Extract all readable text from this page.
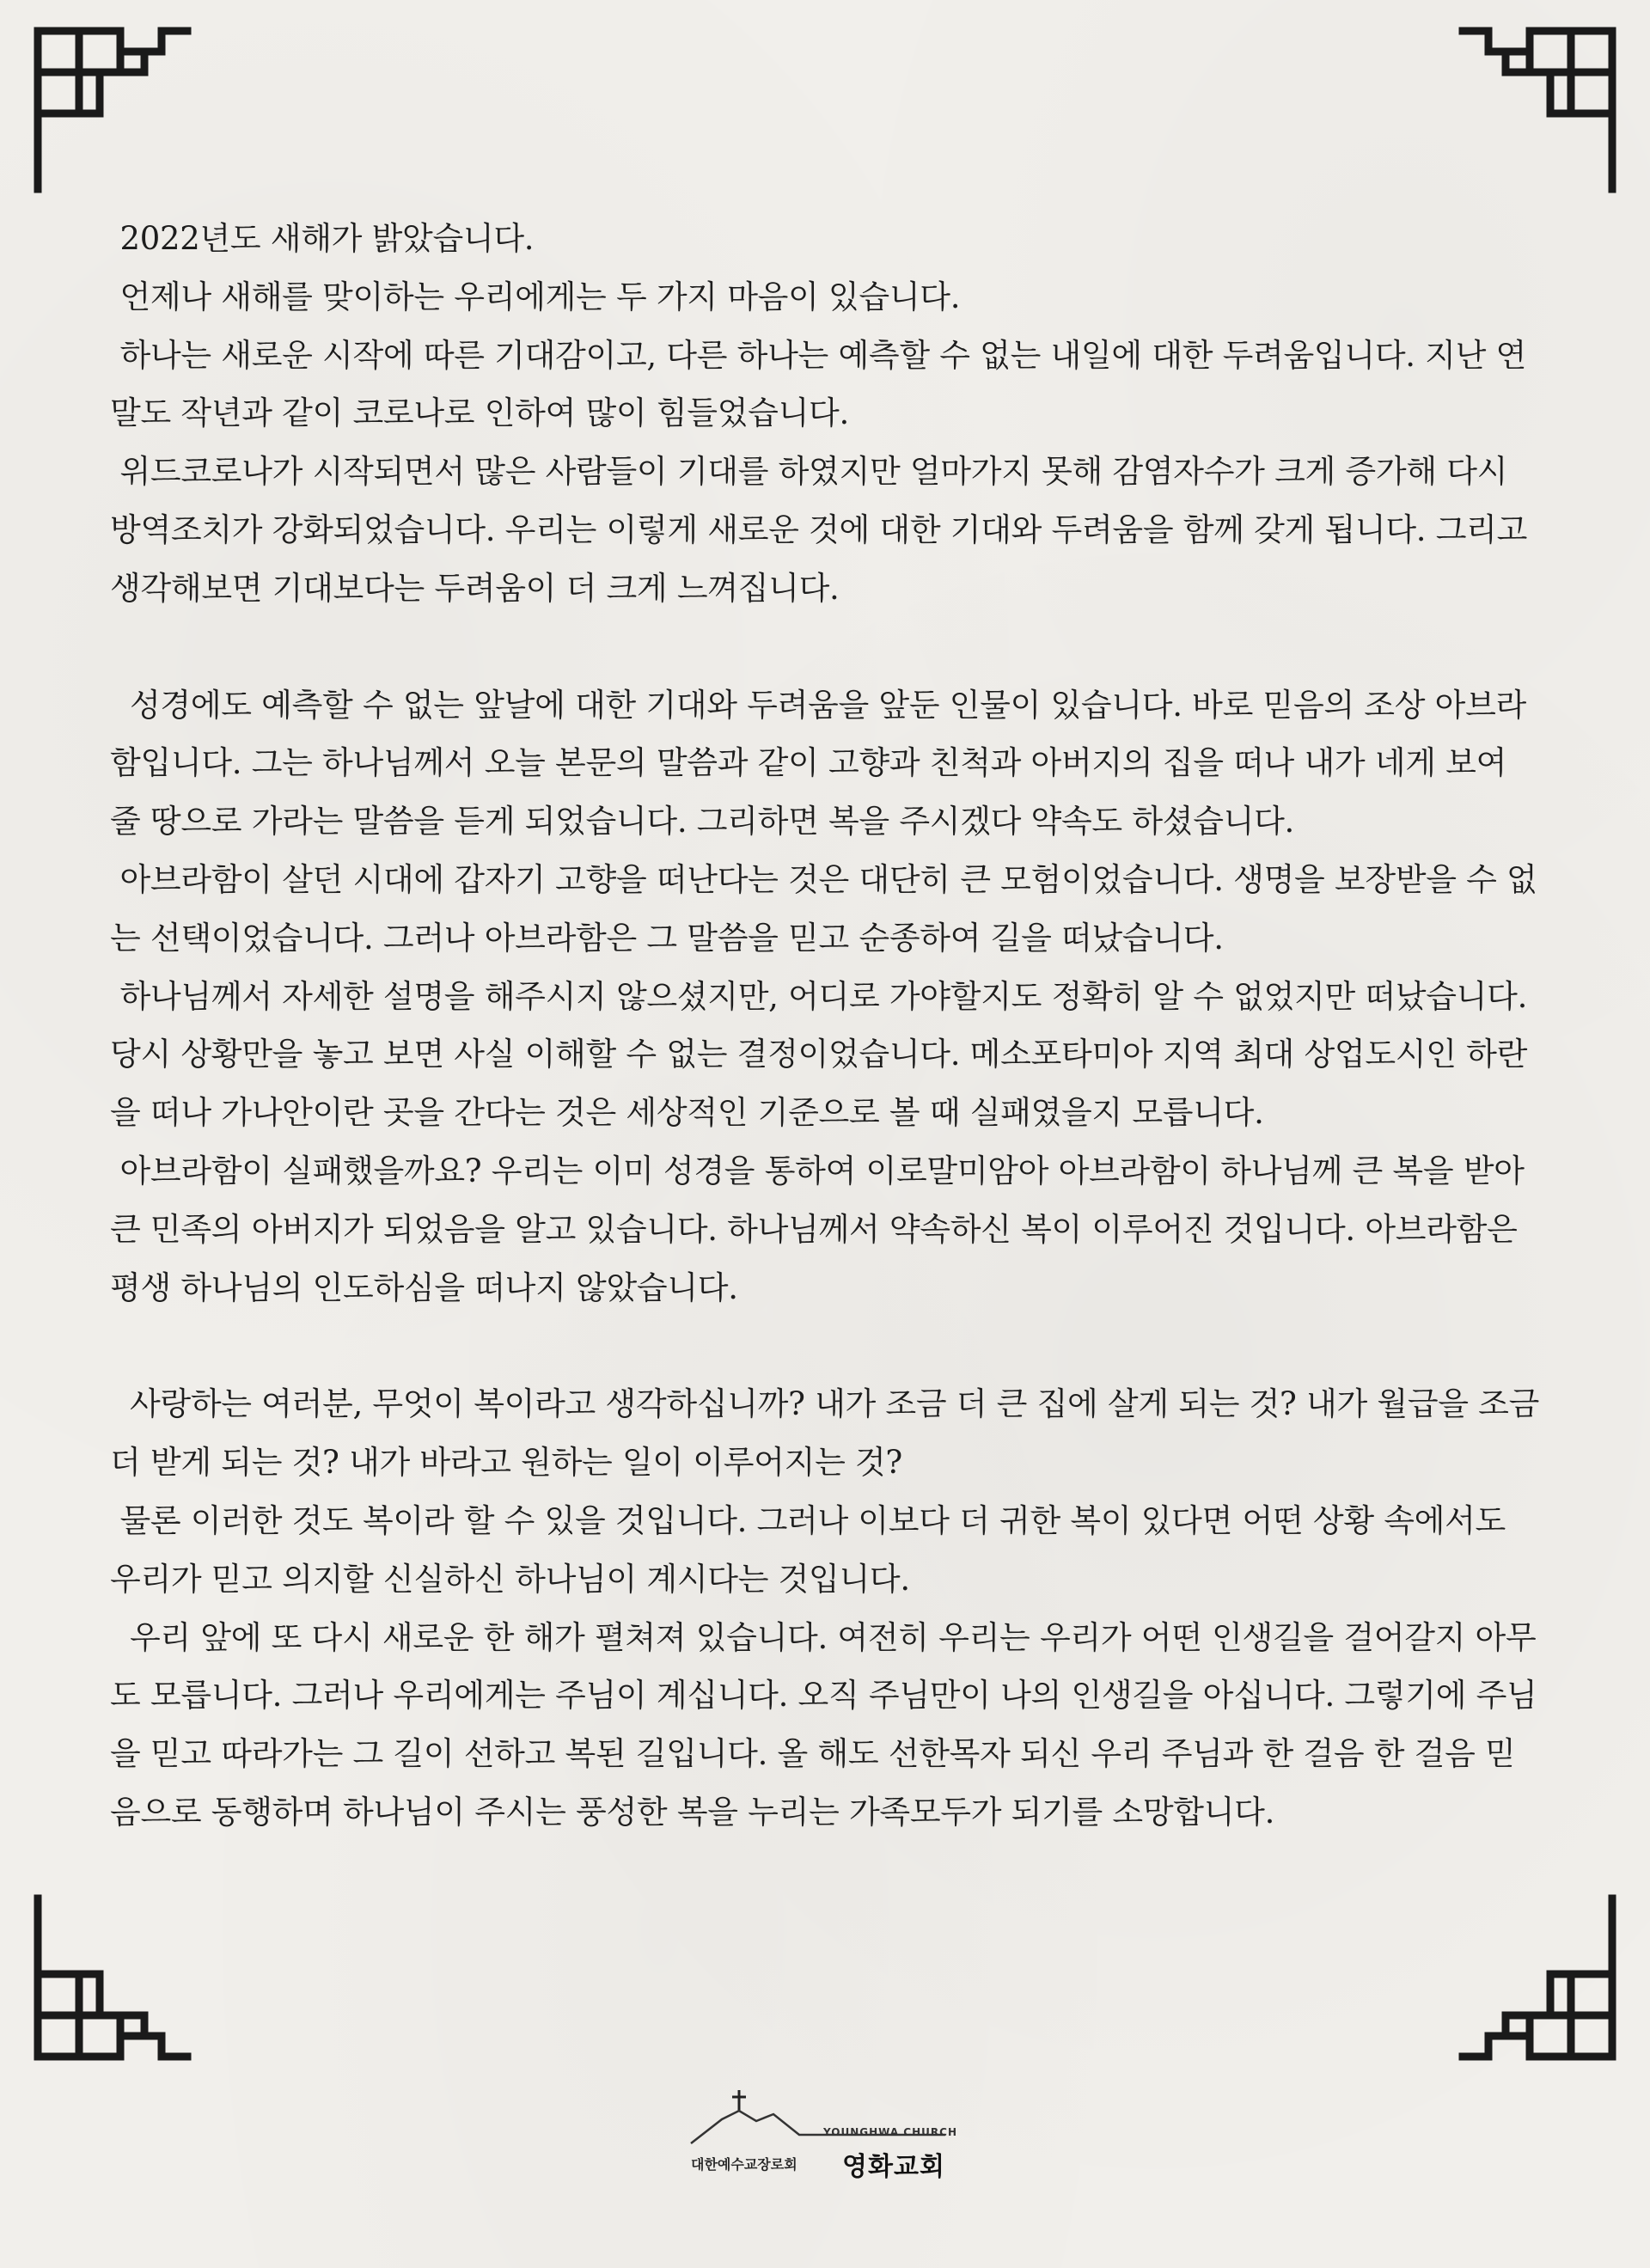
2022년도 새해가 밝았습니다.

언제나 새해를 맞이하는 우리에게는 두 가지 마음이 있습니다.

하나는 새로운 시작에 따른 기대감이고, 다른 하나는 예측할 수 없는 내일에 대한 두려움입니다. 지난 연말도 작년과 같이 코로나로 인하여 많이 힘들었습니다.

위드코로나가 시작되면서 많은 사람들이 기대를 하였지만 얼마가지 못해 감염자수가 크게 증가해 다시 방역조치가 강화되었습니다. 우리는 이렇게 새로운 것에 대한 기대와 두려움을 함께 갖게 됩니다. 그리고 생각해보면 기대보다는 두려움이 더 크게 느껴집니다.

성경에도 예측할 수 없는 앞날에 대한 기대와 두려움을 앞둔 인물이 있습니다. 바로 믿음의 조상 아브라함입니다. 그는 하나님께서 오늘 본문의 말씀과 같이 고향과 친척과 아버지의 집을 떠나 내가 네게 보여 줄 땅으로 가라는 말씀을 듣게 되었습니다. 그리하면 복을 주시겠다 약속도 하셨습니다.

아브라함이 살던 시대에 갑자기 고향을 떠난다는 것은 대단히 큰 모험이었습니다. 생명을 보장받을 수 없는 선택이었습니다. 그러나 아브라함은 그 말씀을 믿고 순종하여 길을 떠났습니다.

하나님께서 자세한 설명을 해주시지 않으셨지만, 어디로 가야할지도 정확히 알 수 없었지만 떠났습니다. 당시 상황만을 놓고 보면 사실 이해할 수 없는 결정이었습니다. 메소포타미아 지역 최대 상업도시인 하란을 떠나 가나안이란 곳을 간다는 것은 세상적인 기준으로 볼 때 실패였을지 모릅니다.

아브라함이 실패했을까요? 우리는 이미 성경을 통하여 이로말미암아 아브라함이 하나님께 큰 복을 받아 큰 민족의 아버지가 되었음을 알고 있습니다. 하나님께서 약속하신 복이 이루어진 것입니다. 아브라함은 평생 하나님의 인도하심을 떠나지 않았습니다.

사랑하는 여러분, 무엇이 복이라고 생각하십니까? 내가 조금 더 큰 집에 살게 되는 것? 내가 월급을 조금 더 받게 되는 것? 내가 바라고 원하는 일이 이루어지는 것?

물론 이러한 것도 복이라 할 수 있을 것입니다. 그러나 이보다 더 귀한 복이 있다면 어떤 상황 속에서도 우리가 믿고 의지할 신실하신 하나님이 계시다는 것입니다.

우리 앞에 또 다시 새로운 한 해가 펼쳐져 있습니다. 여전히 우리는 우리가 어떤 인생길을 걸어갈지 아무도 모릅니다. 그러나 우리에게는 주님이 계십니다. 오직 주님만이 나의 인생길을 아십니다. 그렇기에 주님을 믿고 따라가는 그 길이 선하고 복된 길입니다. 올 해도 선한목자 되신 우리 주님과 한 걸음 한 걸음 믿음으로 동행하며 하나님이 주시는 풍성한 복을 누리는 가족모두가 되기를 소망합니다.

YOUNGHWA CHURCH
대한예수교장로회 영화교회
